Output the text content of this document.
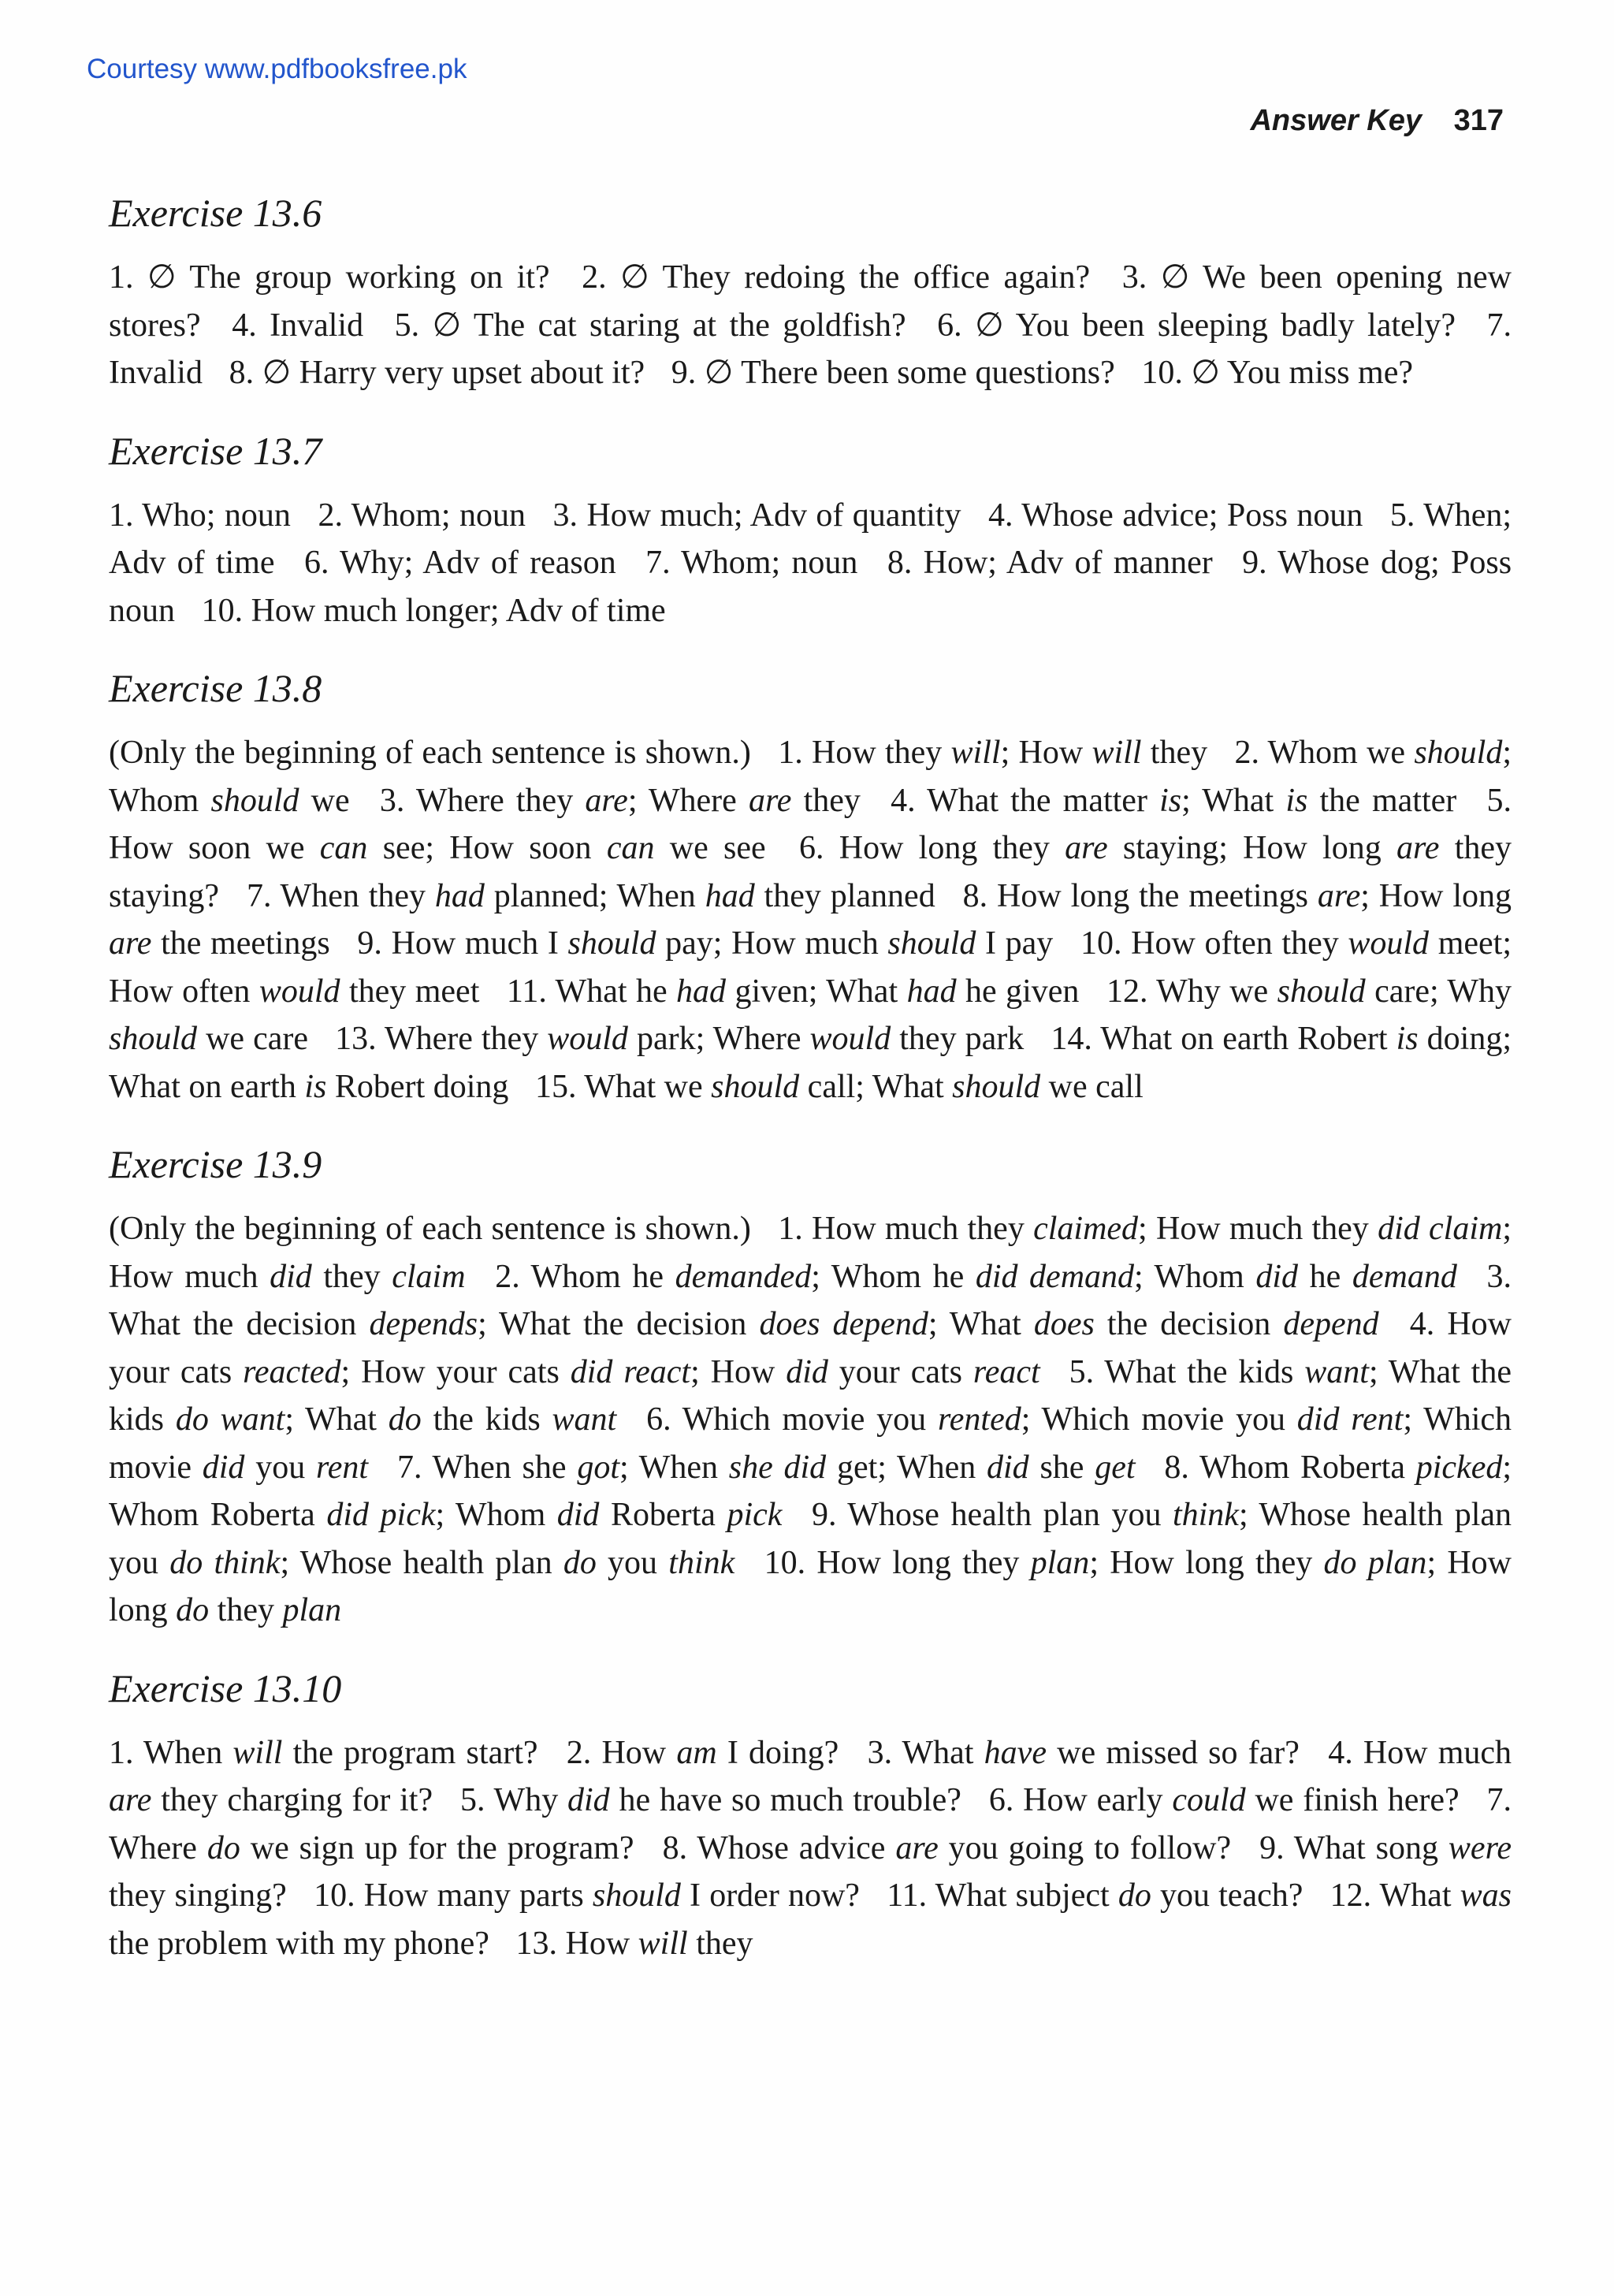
Courtesy www.pdfbooksfree.pk
Answer Key 317
Exercise 13.6

1. ∅ The group working on it? 2. ∅ They redoing the office again? 3. ∅ We been opening new stores? 4. Invalid 5. ∅ The cat staring at the goldfish? 6. ∅ You been sleeping badly lately? 7. Invalid 8. ∅ Harry very upset about it? 9. ∅ There been some questions? 10. ∅ You miss me?

Exercise 13.7

1. Who; noun 2. Whom; noun 3. How much; Adv of quantity 4. Whose advice; Poss noun 5. When; Adv of time 6. Why; Adv of reason 7. Whom; noun 8. How; Adv of manner 9. Whose dog; Poss noun 10. How much longer; Adv of time

Exercise 13.8

(Only the beginning of each sentence is shown.) 1. How they will; How will they 2. Whom we should; Whom should we 3. Where they are; Where are they 4. What the matter is; What is the matter 5. How soon we can see; How soon can we see 6. How long they are staying; How long are they staying? 7. When they had planned; When had they planned 8. How long the meetings are; How long are the meetings 9. How much I should pay; How much should I pay 10. How often they would meet; How often would they meet 11. What he had given; What had he given 12. Why we should care; Why should we care 13. Where they would park; Where would they park 14. What on earth Robert is doing; What on earth is Robert doing 15. What we should call; What should we call

Exercise 13.9

(Only the beginning of each sentence is shown.) 1. How much they claimed; How much they did claim; How much did they claim 2. Whom he demanded; Whom he did demand; Whom did he demand 3. What the decision depends; What the decision does depend; What does the decision depend 4. How your cats reacted; How your cats did react; How did your cats react 5. What the kids want; What the kids do want; What do the kids want 6. Which movie you rented; Which movie you did rent; Which movie did you rent 7. When she got; When she did get; When did she get 8. Whom Roberta picked; Whom Roberta did pick; Whom did Roberta pick 9. Whose health plan you think; Whose health plan you do think; Whose health plan do you think 10. How long they plan; How long they do plan; How long do they plan

Exercise 13.10

1. When will the program start? 2. How am I doing? 3. What have we missed so far? 4. How much are they charging for it? 5. Why did he have so much trouble? 6. How early could we finish here? 7. Where do we sign up for the program? 8. Whose advice are you going to follow? 9. What song were they singing? 10. How many parts should I order now? 11. What subject do you teach? 12. What was the problem with my phone? 13. How will they
